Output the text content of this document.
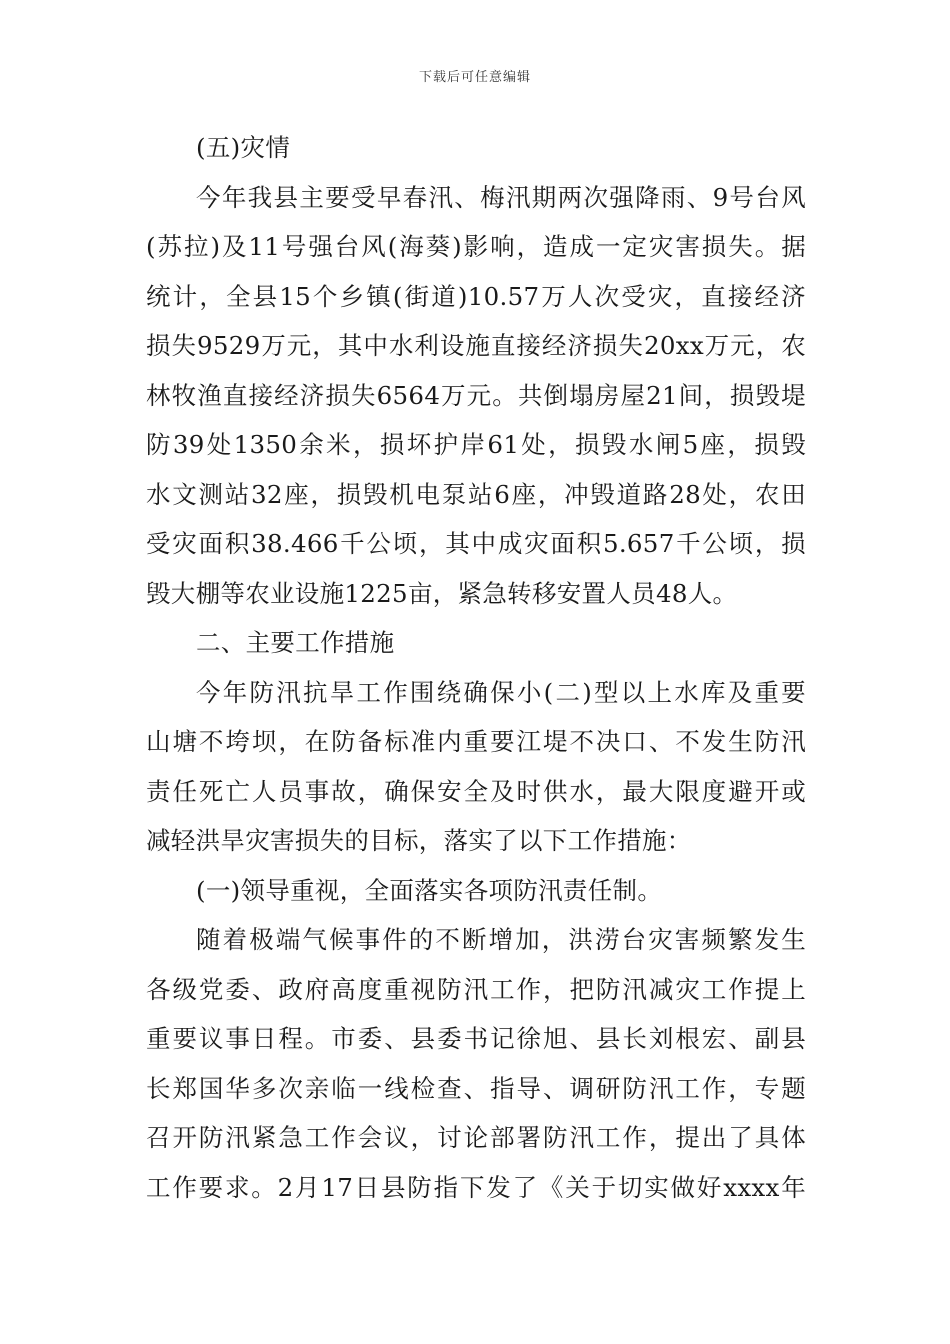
下载后可任意编辑
(五)灾情
今年我县主要受早春汛、梅汛期两次强降雨、9号台风
(苏拉)及11号强台风(海葵)影响，造成一定灾害损失。据
统计，全县15个乡镇(街道)10.57万人次受灾，直接经济
损失9529万元，其中水利设施直接经济损失20xx万元，农
林牧渔直接经济损失6564万元。共倒塌房屋21间，损毁堤
防39处1350余米，损坏护岸61处，损毁水闸5座，损毁
水文测站32座，损毁机电泵站6座，冲毁道路28处，农田
受灾面积38.466千公顷，其中成灾面积5.657千公顷，损
毁大棚等农业设施1225亩，紧急转移安置人员48人。
二、主要工作措施
今年防汛抗旱工作围绕确保小(二)型以上水库及重要
山塘不垮坝，在防备标准内重要江堤不决口、不发生防汛
责任死亡人员事故，确保安全及时供水，最大限度避开或
减轻洪旱灾害损失的目标，落实了以下工作措施：
(一)领导重视，全面落实各项防汛责任制。
随着极端气候事件的不断增加，洪涝台灾害频繁发生
各级党委、政府高度重视防汛工作，把防汛减灾工作提上
重要议事日程。市委、县委书记徐旭、县长刘根宏、副县
长郑国华多次亲临一线检查、指导、调研防汛工作，专题
召开防汛紧急工作会议，讨论部署防汛工作，提出了具体
工作要求。2月17日县防指下发了《关于切实做好xxxx年
